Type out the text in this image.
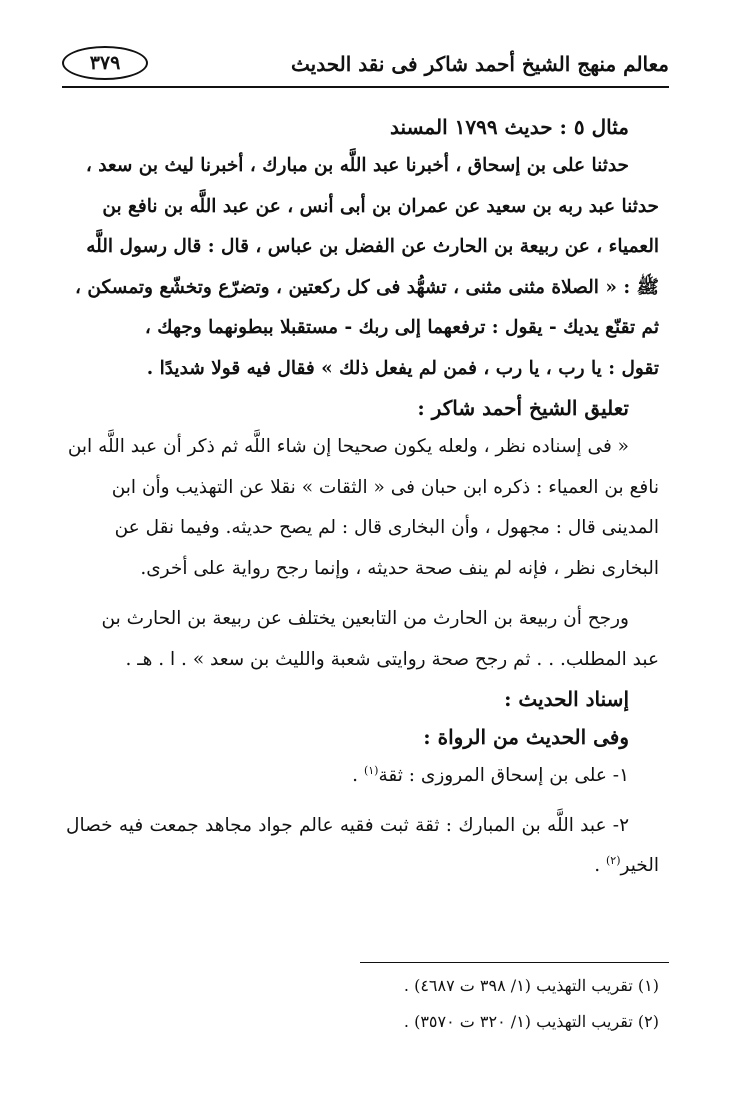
معالم منهج الشيخ أحمد شاكر فى نقد الحديث
٣٧٩
مثال ٥ : حديث ١٧٩٩ المسند
حدثنا على بن إسحاق ، أخبرنا عبد اللَّه بن مبارك ، أخبرنا ليث بن سعد ،
حدثنا عبد ربه بن سعيد عن عمران بن أبى أنس ، عن عبد اللَّه بن نافع بن
العمياء ، عن ربيعة بن الحارث عن الفضل بن عباس ، قال : قال رسول اللَّه
ﷺ : « الصلاة مثنى مثنى ، تشهُّد فى كل ركعتين ، وتضرّع وتخشّع وتمسكن ،
ثم تقنّع يديك - يقول : ترفعهما إلى ربك - مستقبلا ببطونهما وجهك ،
تقول : يا رب ، يا رب ، فمن لم يفعل ذلك » فقال فيه قولا شديدًا .
تعليق الشيخ أحمد شاكر :
« فى إسناده نظر ، ولعله يكون صحيحا إن شاء اللَّه ثم ذكر أن عبد اللَّه ابن
نافع بن العمياء : ذكره ابن حبان فى « الثقات » نقلا عن التهذيب وأن ابن
المدينى قال : مجهول ، وأن البخارى قال : لم يصح حديثه. وفيما نقل عن
البخارى نظر ، فإنه لم ينف صحة حديثه ، وإنما رجح رواية على أخرى.
ورجح أن ربيعة بن الحارث من التابعين يختلف عن ربيعة بن الحارث بن
عبد المطلب. . . ثم رجح صحة روايتى شعبة والليث بن سعد » . ا . هـ .
إسناد الحديث :
وفى الحديث من الرواة :
١- على بن إسحاق المروزى : ثقة$^{(١)}$ .
٢- عبد اللَّه بن المبارك : ثقة ثبت فقيه عالم جواد مجاهد جمعت فيه خصال الخير$^{(٢)}$ .
(١) تقريب التهذيب (١/ ٣٩٨ ت ٤٦٨٧) .
(٢) تقريب التهذيب (١/ ٣٢٠ ت ٣٥٧٠) .
